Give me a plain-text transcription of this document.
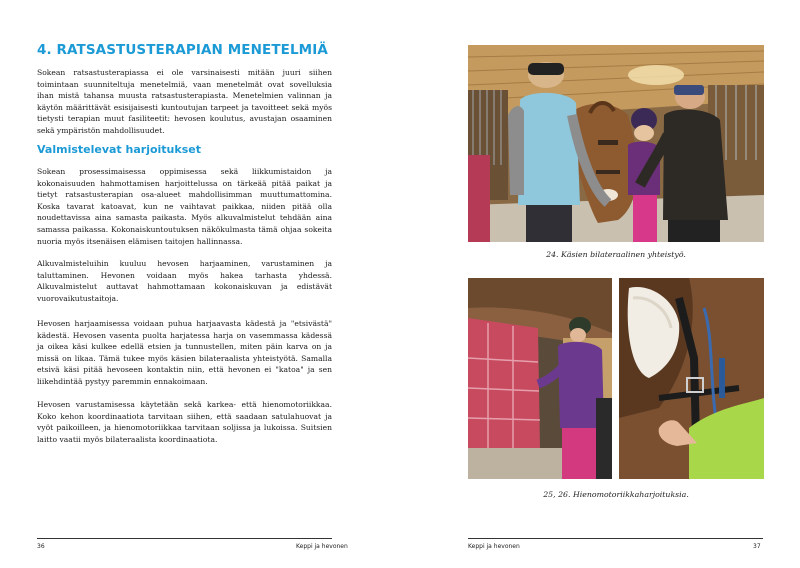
4. RATSASTUSTERAPIAN MENETELMIÄ

Sokean ratsastusterapiassa ei ole varsinaisesti mitään juuri siihen toimintaan suunniteltuja menetelmiä, vaan menetelmät ovat sovelluksia ihan mistä tahansa muusta ratsastusterapiasta. Menetelmien valinnan ja käytön määrittävät esisijaisesti kuntoutujan tarpeet ja tavoitteet sekä myös tietysti terapian muut fasiliteetit: hevosen koulutus, avustajan osaaminen sekä ympäristön mahdollisuudet.

Valmistelevat harjoitukset

Sokean prosessimaisessa oppimisessa sekä liikkumistaidon ja kokonaisuuden hahmottamisen harjoittelussa on tärkeää pitää paikat ja tietyt ratsastusterapian osa-alueet mahdollisimman muuttumattomina. Koska tavarat katoavat, kun ne vaihtavat paikkaa, niiden pitää olla noudettavissa aina samasta paikasta. Myös alkuvalmistelut tehdään aina samassa paikassa. Kokonaiskuntoutuksen näkökulmasta tämä ohjaa sokeita nuoria myös itsenäisen elämisen taitojen hallinnassa.

Alkuvalmisteluihin kuuluu hevosen harjaaminen, varustaminen ja taluttaminen. Hevonen voidaan myös hakea tarhasta yhdessä. Alkuvalmistelut auttavat hahmottamaan kokonaiskuvan ja edistävät vuorovaikutustaitoja.

Hevosen harjaamisessa voidaan puhua harjaavasta kädestä ja "etsivästä" kädestä. Hevosen vasenta puolta harjatessa harja on vasemmassa kädessä ja oikea käsi kulkee edellä etsien ja tunnustellen, miten päin karva on ja missä on likaa. Tämä tukee myös käsien bilateraalista yhteistyötä. Samalla etsivä käsi pitää hevoseen kontaktin niin, että hevonen ei "katoa" ja sen liikehdintää pystyy paremmin ennakoimaan.

Hevosen varustamisessa käytetään sekä karkea- että hienomotoriikkaa. Koko kehon koordinaatiota tarvitaan siihen, että saadaan satulahuovat ja vyöt paikoilleen, ja hienomotoriikkaa tarvitaan soljissa ja lukoissa. Suitsien laitto vaatii myös bilateraalista koordinaatiota.

36	Keppi ja hevonen

24. Käsien bilateraalinen yhteistyö.

25, 26. Hienomotoriikkaharjoituksia.

Keppi ja hevonen	37
